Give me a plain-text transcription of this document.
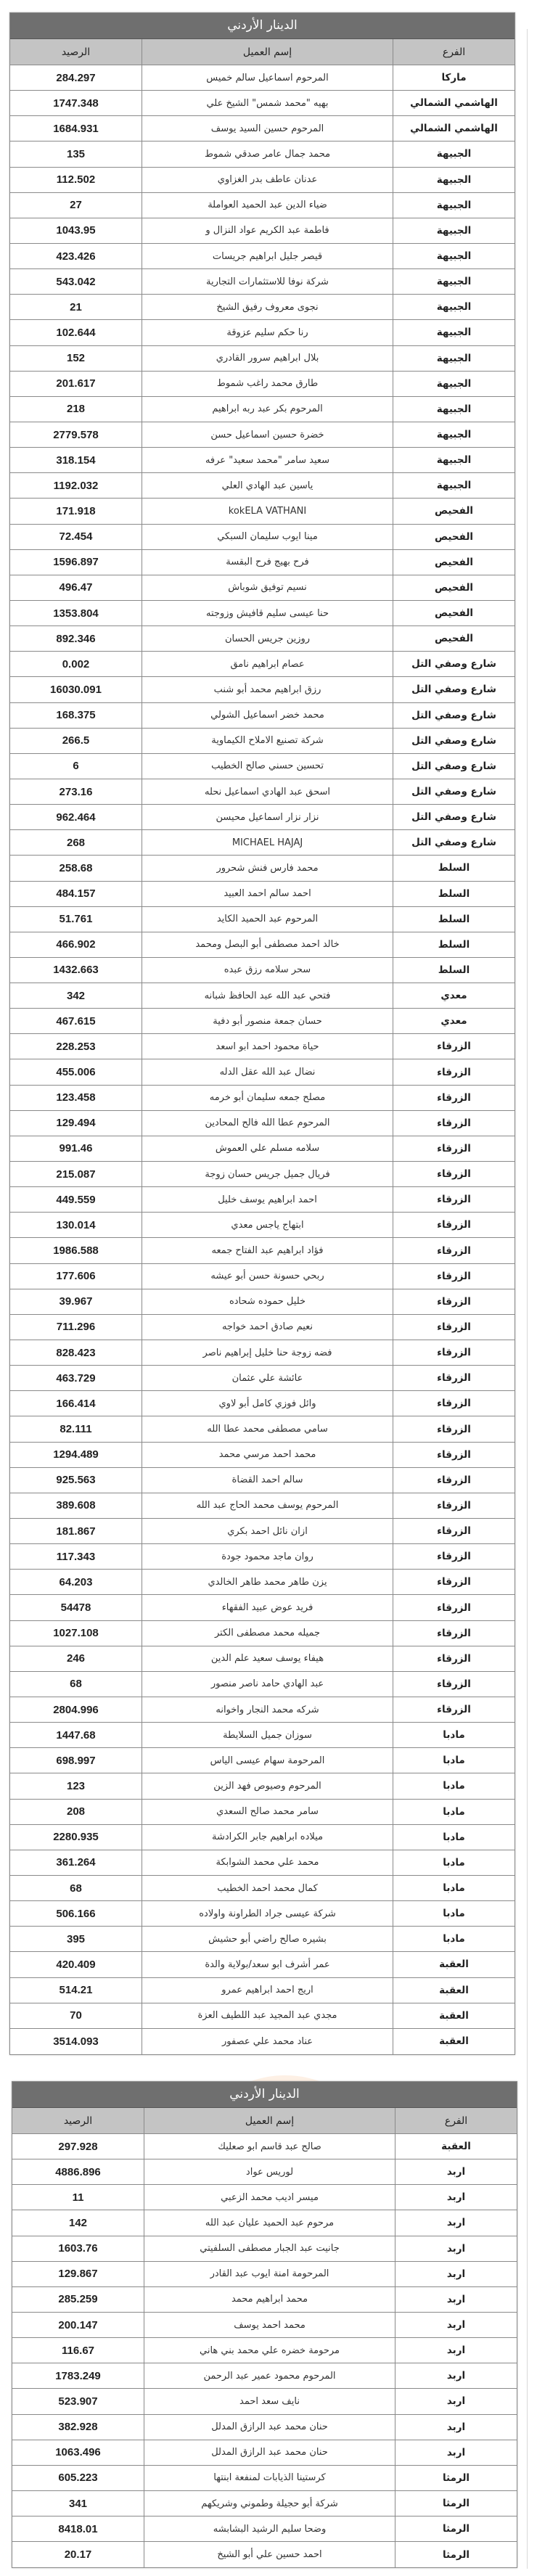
الدينار الأردني
الفرع
إسم العميل
الرصيد
ماركا
المرحوم اسماعيل سالم خميس
284.297
الهاشمي الشمالي
بهيه "محمد شمس" الشيخ علي
1747.348
الهاشمي الشمالي
المرحوم حسين السيد يوسف
1684.931
الجبيهة
محمد جمال عامر صدقي شموط
135
الجبيهة
عدنان عاطف بدر الغزاوي
112.502
الجبيهة
ضياء الدين عبد الحميد العواملة
27
الجبيهة
فاطمة عبد الكريم عواد النزال و
1043.95
الجبيهة
قيصر جليل ابراهيم جريسات
423.426
الجبيهة
شركة نوفا للاستثمارات التجارية
543.042
الجبيهة
نجوى معروف رفيق الشيخ
21
الجبيهة
رنا حكم سليم عزوقة
102.644
الجبيهة
بلال ابراهيم سرور القادري
152
الجبيهة
طارق محمد راغب شموط
201.617
الجبيهة
المرحوم بكر عبد ربه ابراهيم
218
الجبيهة
خضرة حسين اسماعيل حسن
2779.578
الجبيهة
سعيد سامر "محمد سعيد" عرفه
318.154
الجبيهة
ياسين عبد الهادي العلي
1192.032
الفحيص
kokELA VATHANI
171.918
الفحيص
مينا ايوب سليمان السبكي
72.454
الفحيص
فرح بهيج فرح البقسة
1596.897
الفحيص
نسيم توفيق شوباش
496.47
الفحيص
حنا عيسى سليم قافيش وزوجته
1353.804
الفحيص
روزين جريس الحسان
892.346
شارع وصفي التل
عصام ابراهيم نامق
0.002
شارع وصفي التل
رزق ابراهيم محمد أبو شنب
16030.091
شارع وصفي التل
محمد خضر اسماعيل الشولي
168.375
شارع وصفي التل
شركة تصنيع الاملاح الكيماوية
266.5
شارع وصفي التل
تحسين حسني صالح الخطيب
6
شارع وصفي التل
اسحق عبد الهادي اسماعيل نحله
273.16
شارع وصفي التل
نزار نزار اسماعيل محيسن
962.464
شارع وصفي التل
MICHAEL HAJAJ
268
السلط
محمد فارس فنش شحرور
258.68
السلط
احمد سالم احمد العبيد
484.157
السلط
المرحوم عبد الحميد الكايد
51.761
السلط
خالد احمد مصطفى أبو البصل ومحمد
466.902
السلط
سحر سلامه رزق عبده
1432.663
معدي
فتحي عبد الله عبد الحافظ شبانه
342
معدي
حسان جمعة منصور أبو دفية
467.615
الزرقاء
حياة محمود احمد ابو اسعد
228.253
الزرقاء
نضال عبد الله عقل الدله
455.006
الزرقاء
مصلح جمعه سليمان أبو خرمه
123.458
الزرقاء
المرحوم عطا الله فالح المحادين
129.494
الزرقاء
سلامه مسلم علي العموش
991.46
الزرقاء
فريال جميل جريس حسان زوجة
215.087
الزرقاء
احمد ابراهيم يوسف خليل
449.559
الزرقاء
ابتهاج ياجس معدي
130.014
الزرقاء
فؤاد ابراهيم عبد الفتاح جمعه
1986.588
الزرقاء
ربحي حسونة حسن أبو عيشه
177.606
الزرقاء
خليل حموده شحاده
39.967
الزرقاء
نعيم صادق احمد خواجه
711.296
الزرقاء
فضه زوجة حنا خليل إبراهيم ناصر
828.423
الزرقاء
عائشة علي عثمان
463.729
الزرقاء
وائل فوزي كامل أبو لاوي
166.414
الزرقاء
سامي مصطفى محمد عطا الله
82.111
الزرقاء
محمد احمد مرسي محمد
1294.489
الزرقاء
سالم احمد القضاة
925.563
الزرقاء
المرحوم يوسف محمد الحاج عبد الله
389.608
الزرقاء
ازان نائل احمد بكري
181.867
الزرقاء
روان ماجد محمود جودة
117.343
الزرقاء
يزن طاهر محمد طاهر الخالدي
64.203
الزرقاء
فريد عوض عبيد الفقهاء
54478
الزرقاء
جميله محمد مصطفى الكتر
1027.108
الزرقاء
هيفاء يوسف سعيد علم الدين
246
الزرقاء
عبد الهادي حامد ناصر منصور
68
الزرقاء
شركه محمد النجار واخوانه
2804.996
مادبا
سوزان جميل السلايطة
1447.68
مادبا
المرحومة سهام عيسى الياس
698.997
مادبا
المرحوم وصيوص فهد الزين
123
مادبا
سامر محمد صالح السعدي
208
مادبا
ميلاده ابراهيم جابر الكرادشة
2280.935
مادبا
محمد علي محمد الشوابكة
361.264
مادبا
كمال محمد احمد الخطيب
68
مادبا
شركة عيسى جراد الطراونة واولاده
506.166
مادبا
بشيره صالح راضي أبو حشيش
395
العقبة
عمر أشرف ابو سعد/بولاية والدة
420.409
العقبة
اريج احمد ابراهيم عمرو
514.21
العقبة
مجدي عبد المجيد عبد اللطيف العزة
70
العقبة
عناد محمد علي عصفور
3514.093
الدينار الأردني
الفرع
إسم العميل
الرصيد
العقبة
صالح عبد قاسم ابو صعليك
297.928
اربد
لوريس عواد
4886.896
اربد
ميسر اديب محمد الزعبي
11
اربد
مرحوم عبد الحميد عليان عبد الله
142
اربد
جانيت عبد الجبار مصطفى السلفيتي
1603.76
اربد
المرحومة امنة ايوب عبد القادر
129.867
اربد
محمد ابراهيم محمد
285.259
اربد
محمد احمد يوسف
200.147
اربد
مرحومة خضره علي محمد بني هاني
116.67
اربد
المرحوم محمود عمير عبد الرحمن
1783.249
اربد
نايف سعد احمد
523.907
اربد
حنان محمد عبد الرازق المدلل
382.928
اربد
حنان محمد عبد الرازق المدلل
1063.496
الرمثا
كرستينا الذيابات لمنفعة ابنتها
605.223
الرمثا
شركة أبو حجيلة وطموني وشريكهم
341
الرمثا
وضحا سليم الرشيد البشابشه
8418.01
الرمثا
احمد حسين علي أبو الشيخ
20.17
